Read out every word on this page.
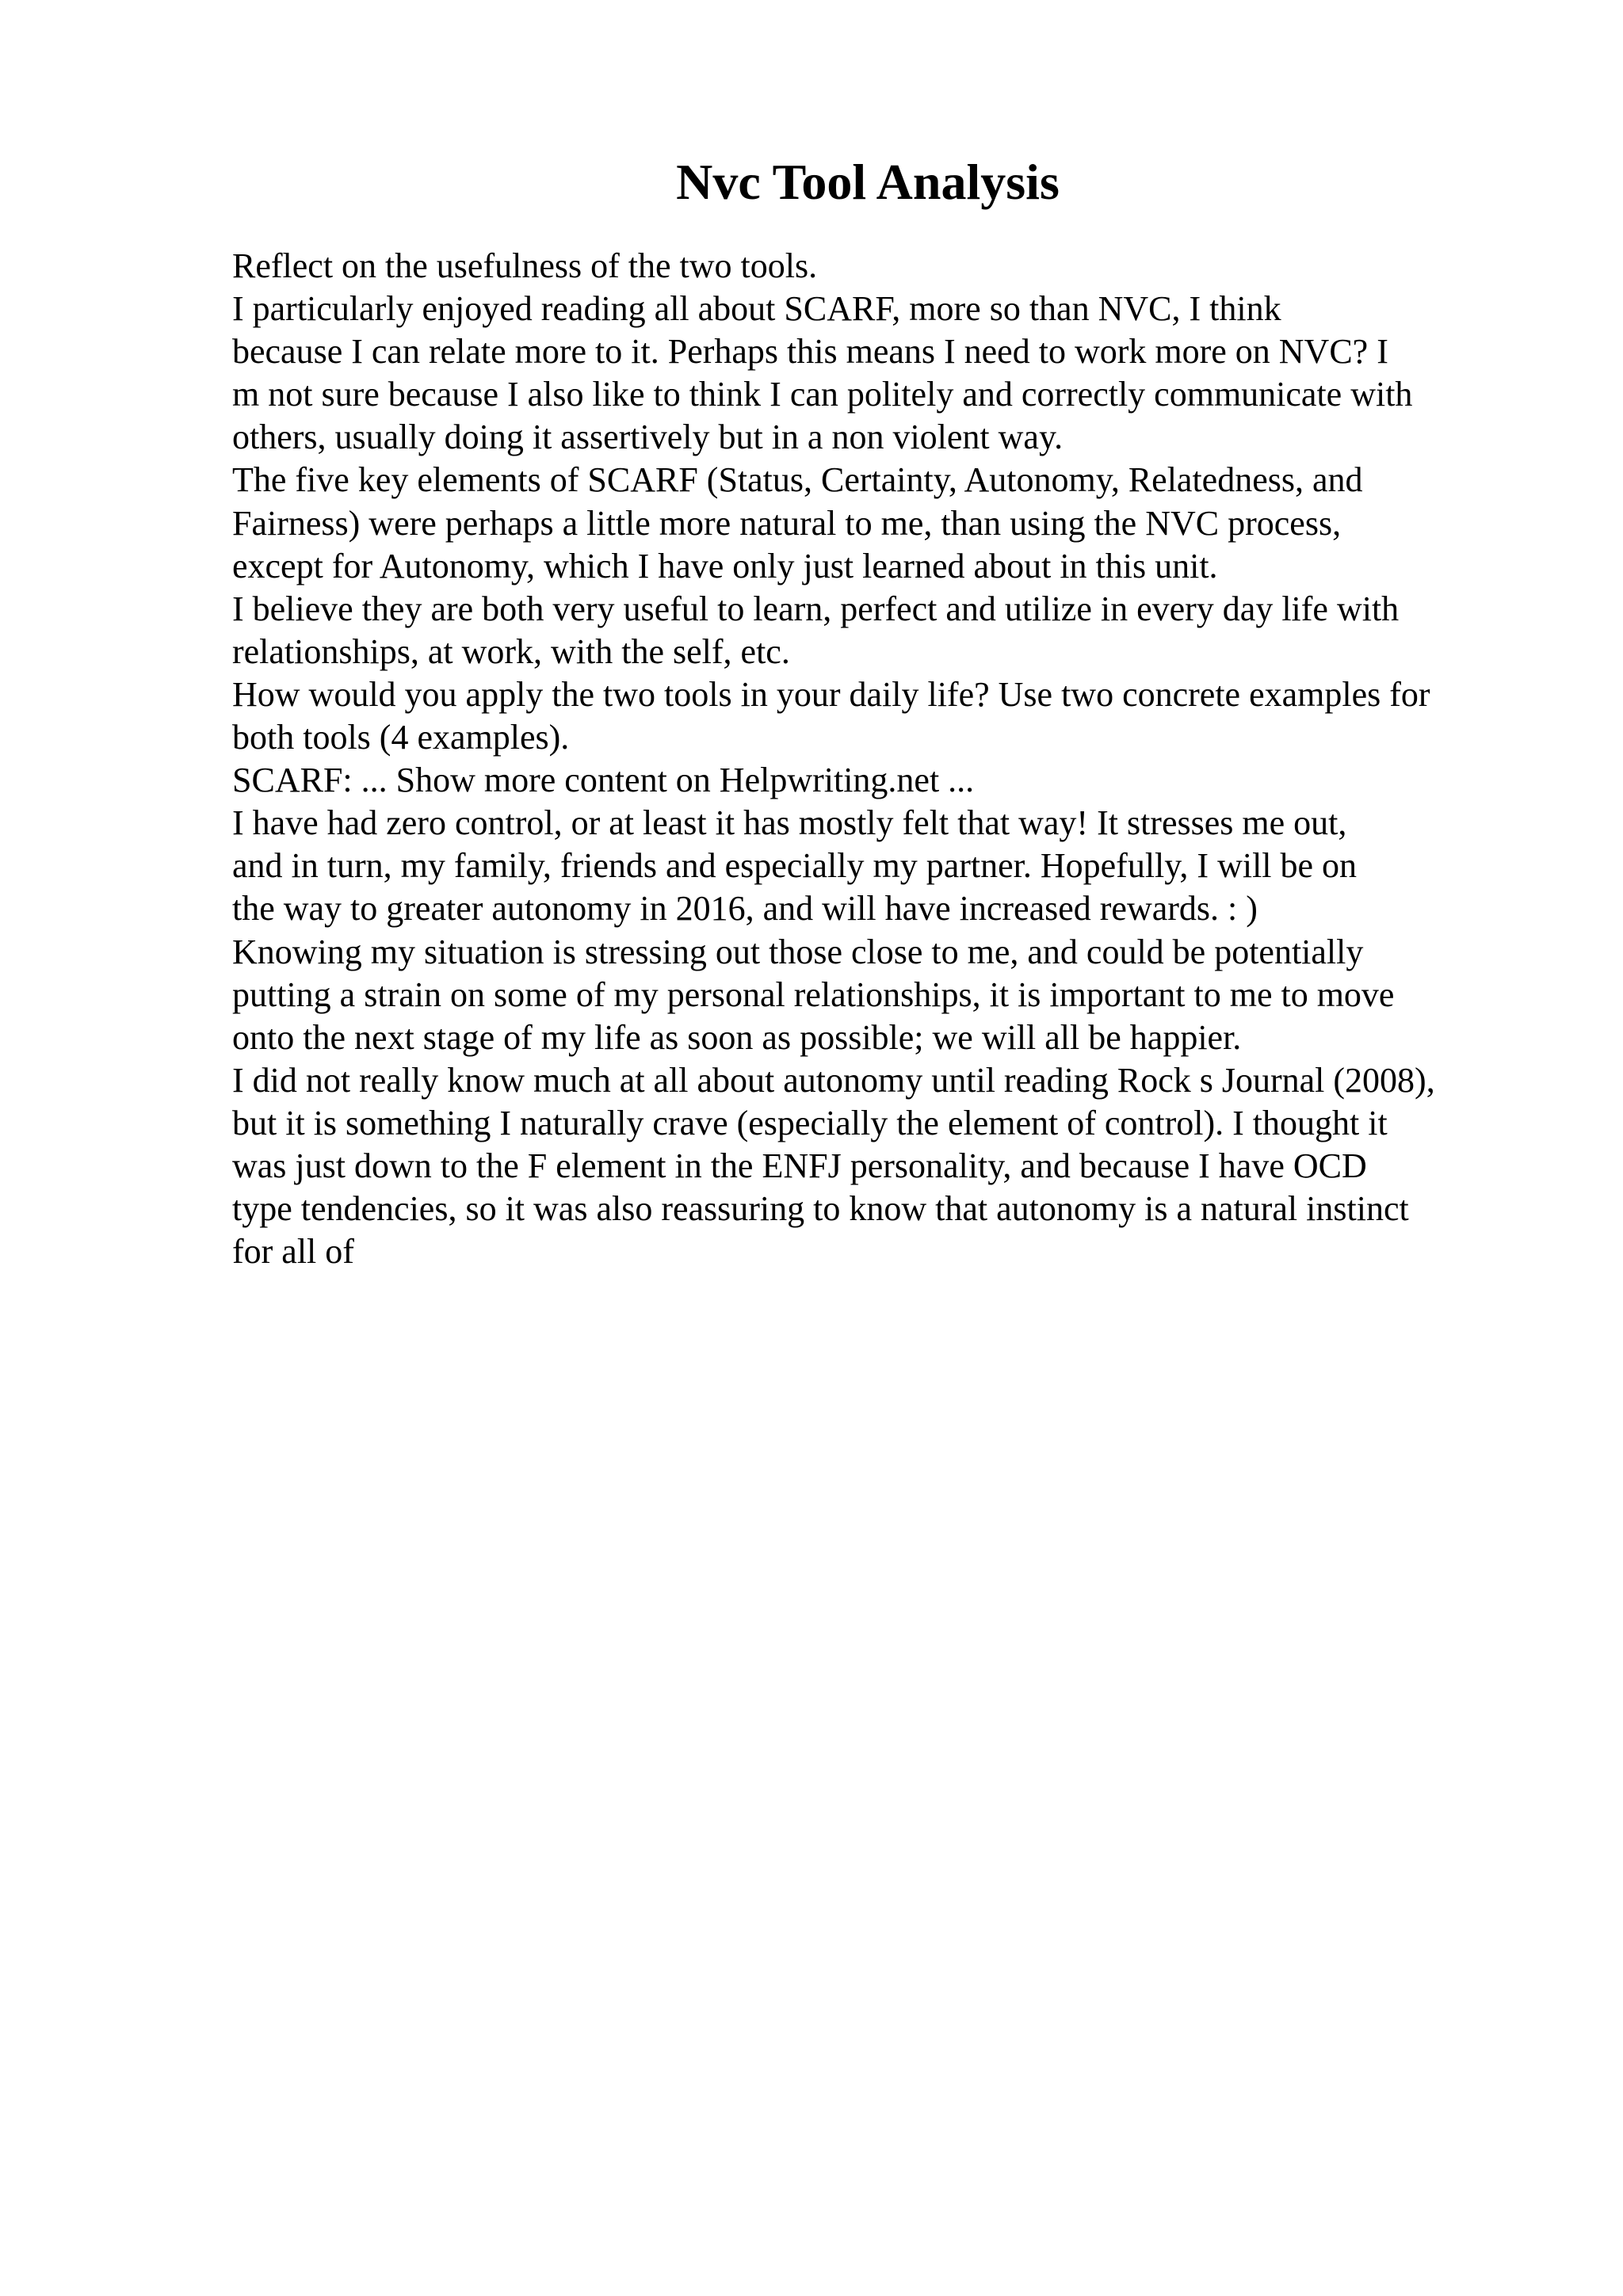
Nvc Tool Analysis
Reflect on the usefulness of the two tools.
I particularly enjoyed reading all about SCARF, more so than NVC, I think
because I can relate more to it. Perhaps this means I need to work more on NVC? I
m not sure because I also like to think I can politely and correctly communicate with
others, usually doing it assertively but in a non violent way.
The five key elements of SCARF (Status, Certainty, Autonomy, Relatedness, and
Fairness) were perhaps a little more natural to me, than using the NVC process,
except for Autonomy, which I have only just learned about in this unit.
I believe they are both very useful to learn, perfect and utilize in every day life with
relationships, at work, with the self, etc.
How would you apply the two tools in your daily life? Use two concrete examples for
both tools (4 examples).
SCARF: ... Show more content on Helpwriting.net ...
I have had zero control, or at least it has mostly felt that way! It stresses me out,
and in turn, my family, friends and especially my partner. Hopefully, I will be on
the way to greater autonomy in 2016, and will have increased rewards. : )
Knowing my situation is stressing out those close to me, and could be potentially
putting a strain on some of my personal relationships, it is important to me to move
onto the next stage of my life as soon as possible; we will all be happier.
I did not really know much at all about autonomy until reading Rock s Journal (2008),
but it is something I naturally crave (especially the element of control). I thought it
was just down to the F element in the ENFJ personality, and because I have OCD
type tendencies, so it was also reassuring to know that autonomy is a natural instinct
for all of
